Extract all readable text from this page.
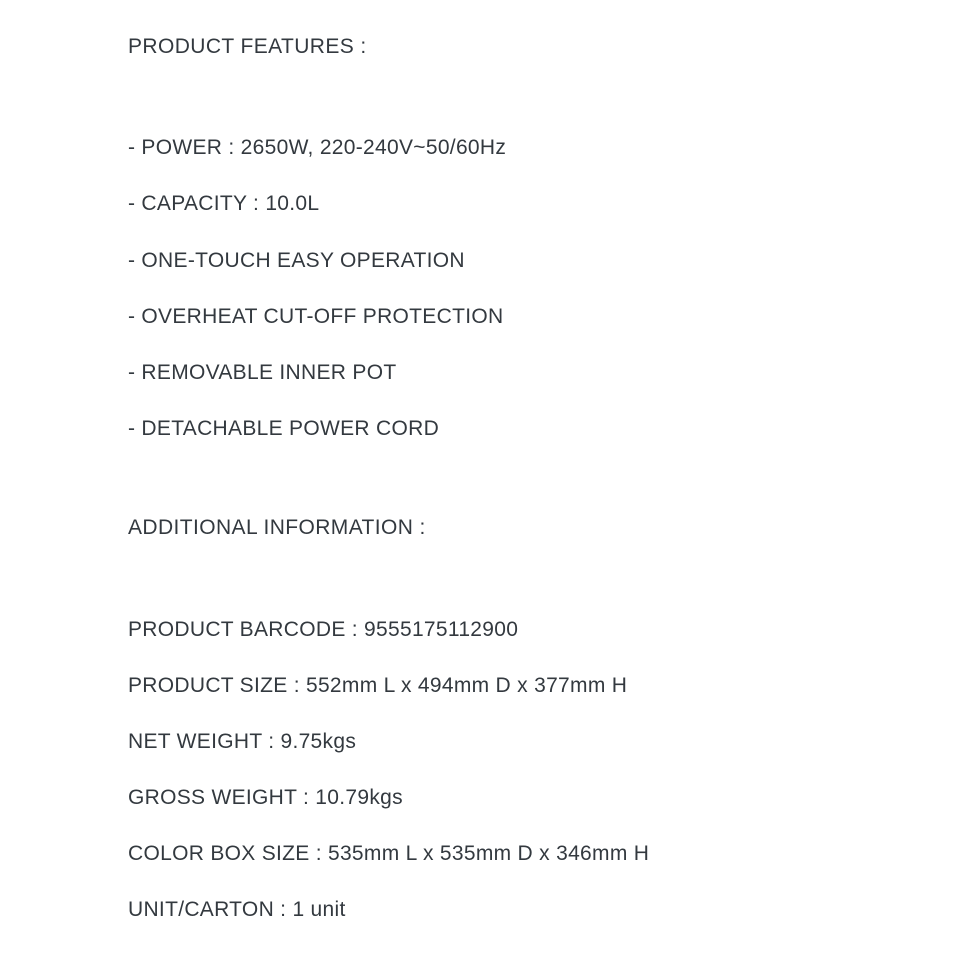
PRODUCT FEATURES :
- POWER : 2650W, 220-240V~50/60Hz
- CAPACITY : 10.0L
- ONE-TOUCH EASY OPERATION
- OVERHEAT CUT-OFF PROTECTION
- REMOVABLE INNER POT
- DETACHABLE POWER CORD
ADDITIONAL INFORMATION :
PRODUCT BARCODE : 9555175112900
PRODUCT SIZE : 552mm L x 494mm D x 377mm H
NET WEIGHT : 9.75kgs
GROSS WEIGHT : 10.79kgs
COLOR BOX SIZE : 535mm L x 535mm D x 346mm H
UNIT/CARTON : 1 unit
